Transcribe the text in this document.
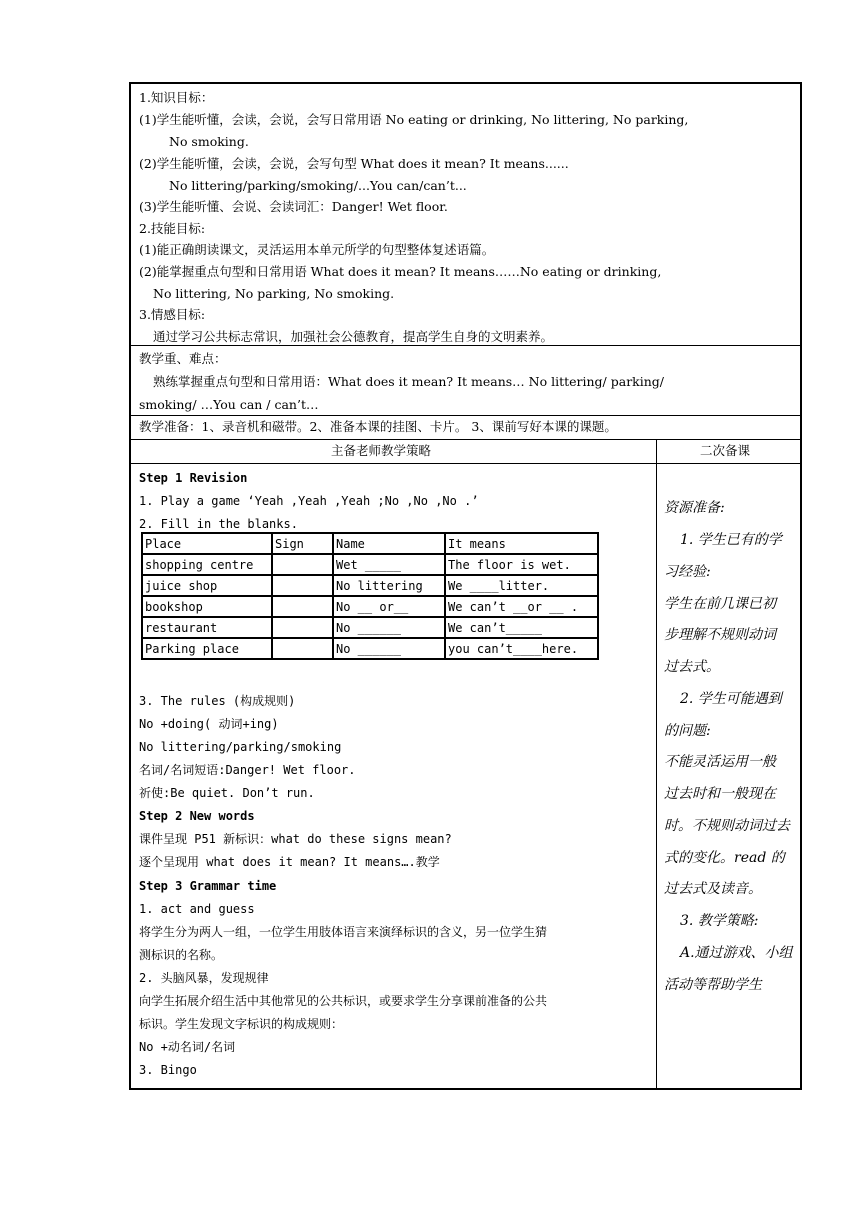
1.知识目标：
(1)学生能听懂，会读，会说，会写日常用语 No eating or drinking, No littering, No parking,
No smoking.
(2)学生能听懂，会读，会说，会写句型 What does it mean? It means......
No littering/parking/smoking/...You can/can’t...
(3)学生能听懂、会说、会读词汇：Danger! Wet floor.
2.技能目标:
(1)能正确朗读课文，灵活运用本单元所学的句型整体复述语篇。
(2)能掌握重点句型和日常用语 What does it mean? It means……No eating or drinking,
No littering, No parking, No smoking.
3.情感目标:
通过学习公共标志常识，加强社会公德教育，提高学生自身的文明素养。
教学重、难点：
熟练掌握重点句型和日常用语：What does it mean? It means… No littering/ parking/
smoking/ …You can / can’t…
教学准备：1、录音机和磁带。2、准备本课的挂图、卡片。 3、课前写好本课的课题。
主备老师教学策略	二次备课
Step 1 Revision
1. Play a game ‘Yeah ,Yeah ,Yeah ;No ,No ,No .’
2. Fill in the blanks.
Place	Sign	Name	It means
shopping centre		Wet _____	The floor is wet.
juice shop		No littering	We ____litter.
bookshop		No __ or__	We can’t __or __ .
restaurant		No ______	We can’t_____
Parking place		No ______	you can’t____here.
3. The rules (构成规则)
No +doing( 动词+ing)
No littering/parking/smoking
名词/名词短语:Danger! Wet floor.
祈使:Be quiet. Don’t run.
Step 2 New words
课件呈现 P51 新标识：what do these signs mean?
逐个呈现用 what does it mean? It means….教学
Step 3 Grammar time
1. act and guess
将学生分为两人一组，一位学生用肢体语言来演绎标识的含义，另一位学生猜
测标识的名称。
2. 头脑风暴，发现规律
向学生拓展介绍生活中其他常见的公共标识，或要求学生分享课前准备的公共
标识。学生发现文字标识的构成规则：
No +动名词/名词
3. Bingo
资源准备:
1. 学生已有的学
习经验:
学生在前几课已初
步理解不规则动词
过去式。
2. 学生可能遇到
的问题:
不能灵活运用一般
过去时和一般现在
时。不规则动词过去
式的变化。read 的
过去式及读音。
3. 教学策略:
A.通过游戏、小组
活动等帮助学生
